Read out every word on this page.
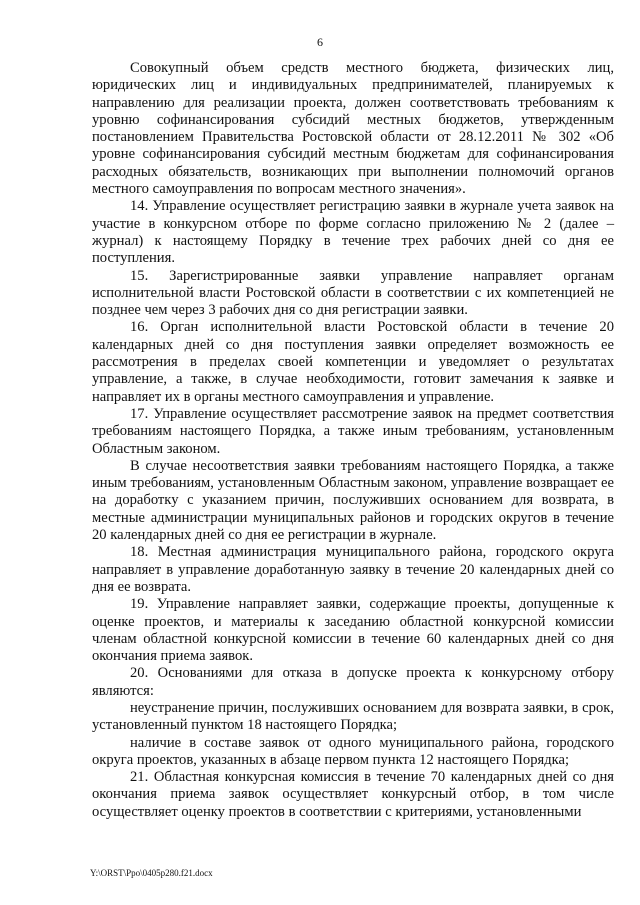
6

Совокупный объем средств местного бюджета, физических лиц, юридических лиц и индивидуальных предпринимателей, планируемых к направлению для реализации проекта, должен соответствовать требованиям к уровню софинансирования субсидий местных бюджетов, утвержденным постановлением Правительства Ростовской области от 28.12.2011 № 302 «Об уровне софинансирования субсидий местным бюджетам для софинансирования расходных обязательств, возникающих при выполнении полномочий органов местного самоуправления по вопросам местного значения».

14. Управление осуществляет регистрацию заявки в журнале учета заявок на участие в конкурсном отборе по форме согласно приложению № 2 (далее – журнал) к настоящему Порядку в течение трех рабочих дней со дня ее поступления.

15. Зарегистрированные заявки управление направляет органам исполнительной власти Ростовской области в соответствии с их компетенцией не позднее чем через 3 рабочих дня со дня регистрации заявки.

16. Орган исполнительной власти Ростовской области в течение 20 календарных дней со дня поступления заявки определяет возможность ее рассмотрения в пределах своей компетенции и уведомляет о результатах управление, а также, в случае необходимости, готовит замечания к заявке и направляет их в органы местного самоуправления и управление.

17. Управление осуществляет рассмотрение заявок на предмет соответствия требованиям настоящего Порядка, а также иным требованиям, установленным Областным законом.

В случае несоответствия заявки требованиям настоящего Порядка, а также иным требованиям, установленным Областным законом, управление возвращает ее на доработку с указанием причин, послуживших основанием для возврата, в местные администрации муниципальных районов и городских округов в течение 20 календарных дней со дня ее регистрации в журнале.

18. Местная администрация муниципального района, городского округа направляет в управление доработанную заявку в течение 20 календарных дней со дня ее возврата.

19. Управление направляет заявки, содержащие проекты, допущенные к оценке проектов, и материалы к заседанию областной конкурсной комиссии членам областной конкурсной комиссии в течение 60 календарных дней со дня окончания приема заявок.

20. Основаниями для отказа в допуске проекта к конкурсному отбору являются:

неустранение причин, послуживших основанием для возврата заявки, в срок, установленный пунктом 18 настоящего Порядка;

наличие в составе заявок от одного муниципального района, городского округа проектов, указанных в абзаце первом пункта 12 настоящего Порядка;

21. Областная конкурсная комиссия в течение 70 календарных дней со дня окончания приема заявок осуществляет конкурсный отбор, в том числе осуществляет оценку проектов в соответствии с критериями, установленными

Y:\ORST\Ppo\0405p280.f21.docx
